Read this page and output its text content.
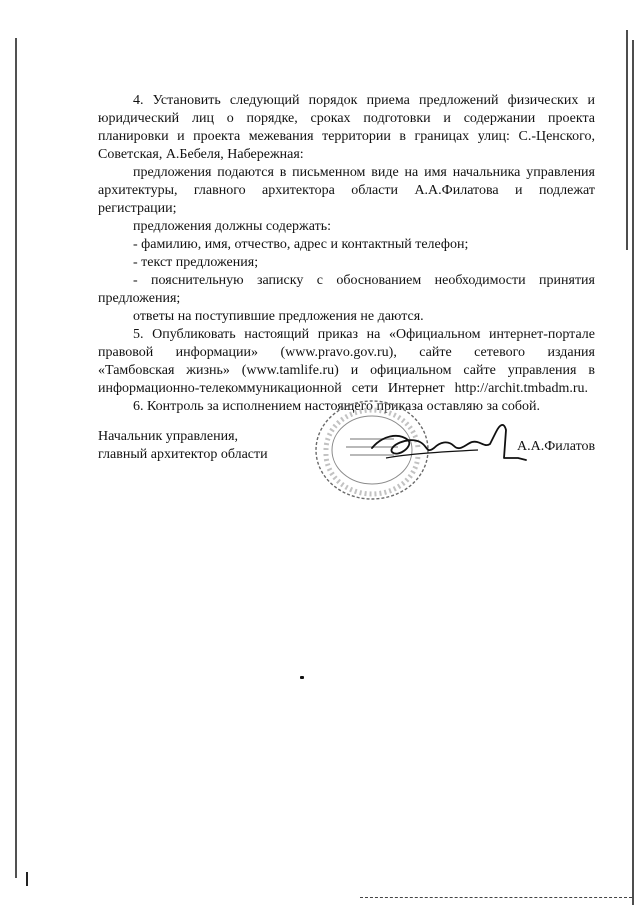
4. Установить следующий порядок приема предложений физических и
юридический лиц о порядке, сроках подготовки и содержании проекта
планировки и проекта межевания территории в границах улиц: С.-Ценского,
Советская, А.Бебеля, Набережная:
предложения подаются в письменном виде на имя начальника управления
архитектуры, главного архитектора области А.А.Филатова и подлежат
регистрации;
предложения должны содержать:
- фамилию, имя, отчество, адрес и контактный телефон;
- текст предложения;
- пояснительную записку с обоснованием необходимости принятия
предложения;
ответы на поступившие предложения не даются.
5. Опубликовать настоящий приказ на «Официальном интернет-портале
правовой информации» (www.pravo.gov.ru), сайте сетевого издания
«Тамбовская жизнь» (www.tamlife.ru) и официальном сайте управления в
информационно-телекоммуникационной сети Интернет http://archit.tmbadm.ru.
6. Контроль за исполнением настоящего приказа оставляю за собой.
Начальник управления,
главный архитектор области
А.А.Филатов
